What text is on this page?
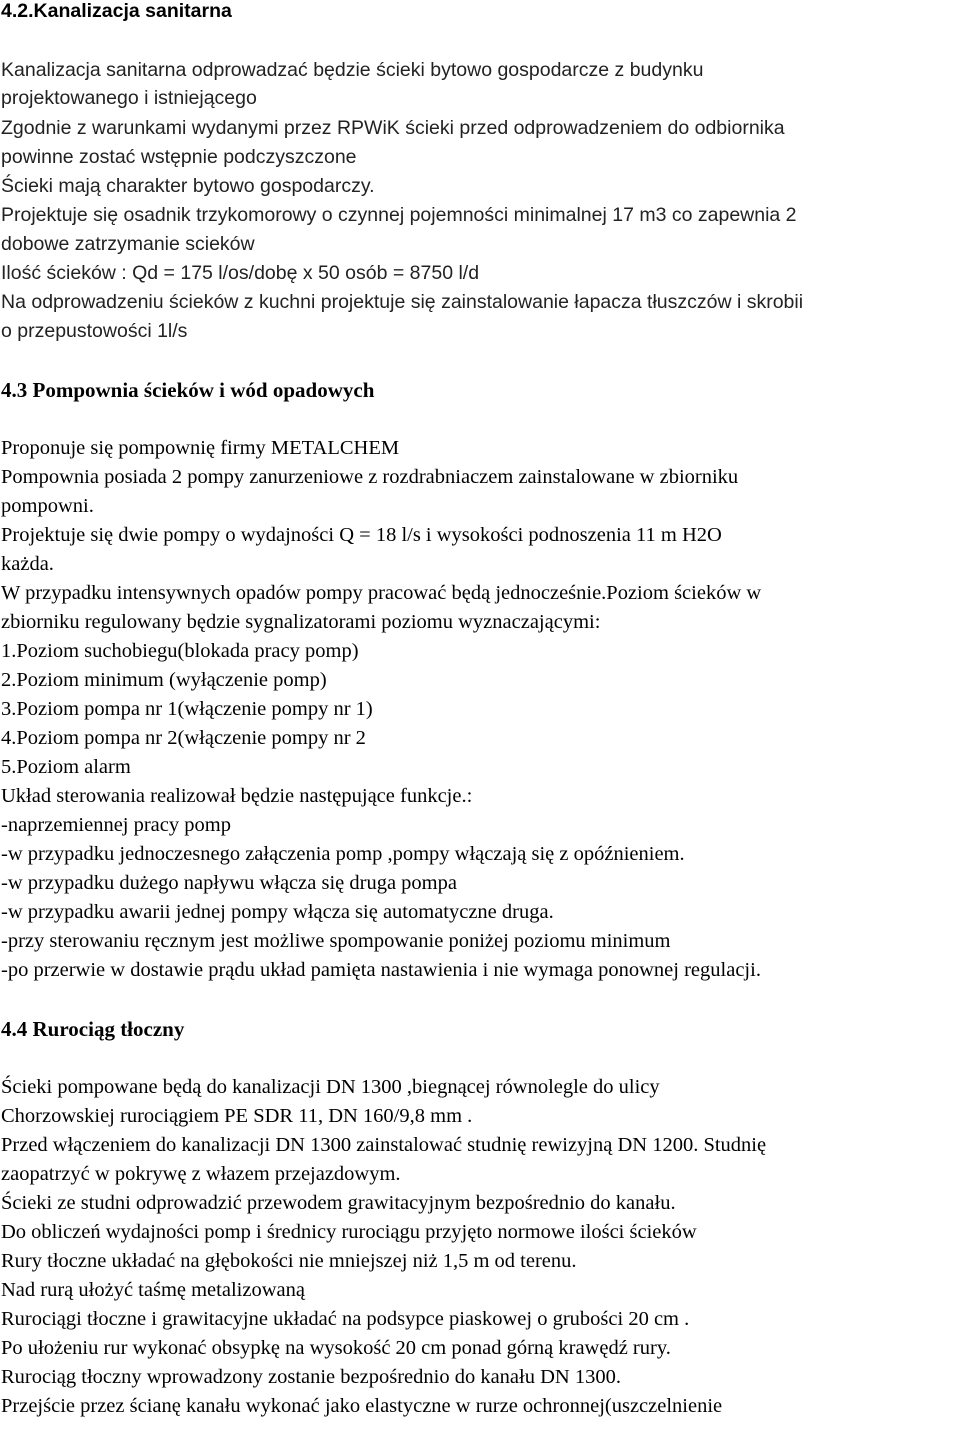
4.2.Kanalizacja sanitarna
Kanalizacja sanitarna odprowadzać będzie ścieki bytowo gospodarcze z budynku
projektowanego i istniejącego
Zgodnie z warunkami wydanymi przez RPWiK ścieki przed odprowadzeniem do odbiornika
powinne zostać wstępnie podczyszczone
Ścieki mają charakter bytowo gospodarczy.
Projektuje się osadnik trzykomorowy o czynnej pojemności minimalnej 17 m3 co zapewnia 2
dobowe zatrzymanie scieków
Ilość ścieków : Qd = 175 l/os/dobę x 50 osób = 8750 l/d
Na odprowadzeniu ścieków z kuchni projektuje się zainstalowanie łapacza tłuszczów i skrobii
o przepustowości 1l/s
4.3 Pompownia ścieków i wód opadowych
Proponuje się pompownię firmy METALCHEM
Pompownia posiada 2 pompy zanurzeniowe z rozdrabniaczem zainstalowane w zbiorniku
pompowni.
Projektuje się dwie pompy o wydajności Q = 18 l/s i wysokości podnoszenia 11 m H2O
każda.
W przypadku intensywnych opadów pompy pracować będą jednocześnie.Poziom ścieków w
zbiorniku regulowany będzie sygnalizatorami poziomu wyznaczającymi:
1.Poziom suchobiegu(blokada pracy pomp)
2.Poziom minimum (wyłączenie pomp)
3.Poziom pompa nr 1(włączenie pompy nr 1)
4.Poziom pompa nr 2(włączenie pompy nr 2
5.Poziom alarm
Układ sterowania realizował będzie następujące funkcje.:
-naprzemiennej pracy pomp
-w przypadku jednoczesnego załączenia pomp ,pompy włączają się z opóźnieniem.
-w przypadku dużego napływu włącza się druga pompa
-w przypadku awarii jednej pompy włącza się automatyczne druga.
-przy sterowaniu ręcznym jest możliwe spompowanie poniżej poziomu minimum
-po przerwie w dostawie prądu układ pamięta nastawienia i nie wymaga ponownej regulacji.
4.4 Rurociąg tłoczny
Ścieki pompowane będą do kanalizacji DN 1300 ,biegnącej równolegle do ulicy
Chorzowskiej rurociągiem PE SDR 11, DN 160/9,8 mm .
Przed włączeniem do kanalizacji DN 1300 zainstalować studnię rewizyjną DN 1200. Studnię
zaopatrzyć w pokrywę z włazem przejazdowym.
Ścieki ze studni odprowadzić przewodem grawitacyjnym bezpośrednio do kanału.
Do obliczeń wydajności pomp i średnicy rurociągu przyjęto normowe ilości ścieków
Rury tłoczne układać na głębokości nie mniejszej niż 1,5 m od terenu.
Nad rurą ułożyć taśmę metalizowaną
Rurociągi tłoczne i grawitacyjne układać na podsypce piaskowej o grubości 20 cm .
Po ułożeniu rur wykonać obsypkę na wysokość 20 cm ponad górną krawędź rury.
Rurociąg tłoczny wprowadzony zostanie bezpośrednio do kanału DN 1300.
Przejście przez ścianę kanału wykonać jako elastyczne w rurze ochronnej(uszczelnienie
